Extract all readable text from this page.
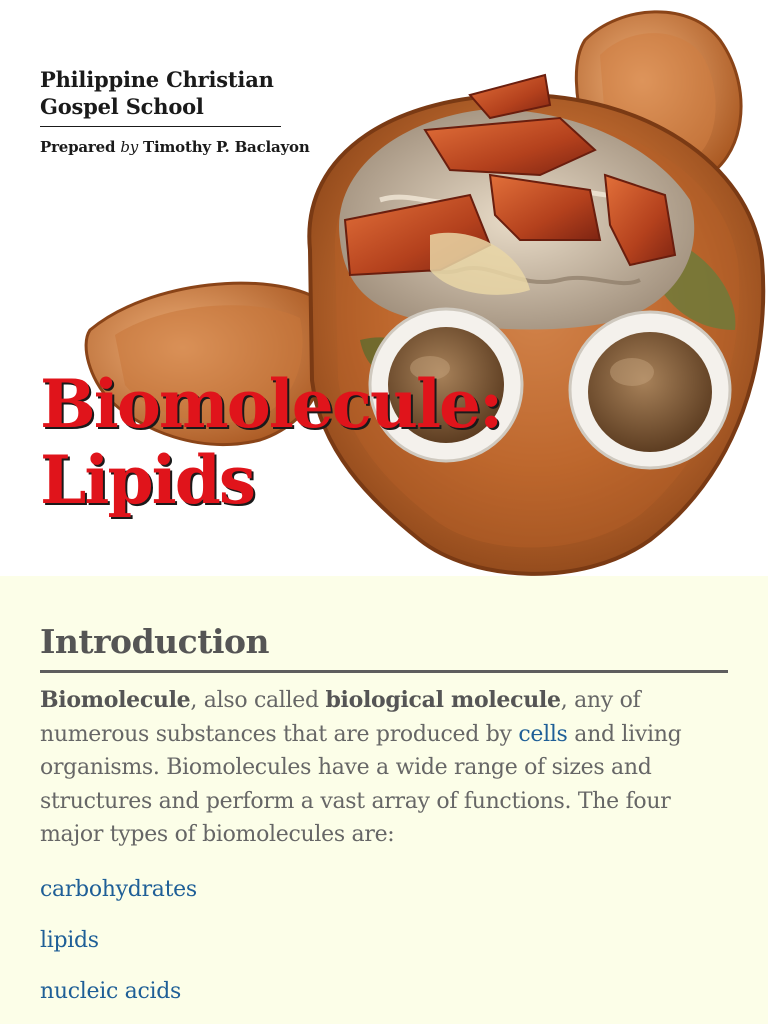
Philippine Christian
Gospel School

Prepared by Timothy P. Baclayon

Biomolecule:
Lipids
Introduction

Biomolecule, also called biological molecule, any of numerous substances that are produced by cells and living organisms. Biomolecules have a wide range of sizes and structures and perform a vast array of functions. The four major types of biomolecules are:

carbohydrates
lipids
nucleic acids
